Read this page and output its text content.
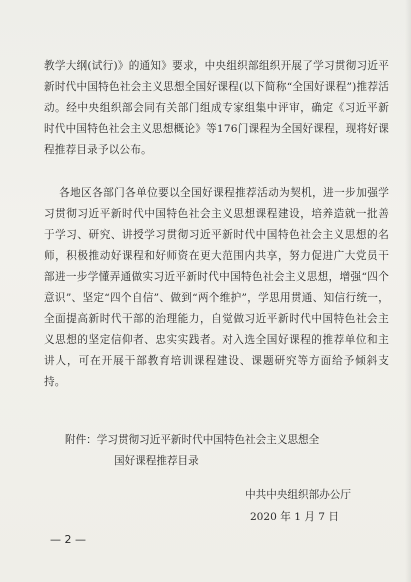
教学大纲(试行)》的通知》要求，中央组织部组织开展了学习贯彻习近平新时代中国特色社会主义思想全国好课程(以下简称“全国好课程”)推荐活动。经中央组织部会同有关部门组成专家组集中评审，确定《习近平新时代中国特色社会主义思想概论》等176门课程为全国好课程，现将好课程推荐目录予以公布。

各地区各部门各单位要以全国好课程推荐活动为契机，进一步加强学习贯彻习近平新时代中国特色社会主义思想课程建设，培养造就一批善于学习、研究、讲授学习贯彻习近平新时代中国特色社会主义思想的名师，积极推动好课程和好师资在更大范围内共享，努力促进广大党员干部进一步学懂弄通做实习近平新时代中国特色社会主义思想，增强“四个意识”、坚定“四个自信”、做到“两个维护”，学思用贯通、知信行统一，全面提高新时代干部的治理能力，自觉做习近平新时代中国特色社会主义思想的坚定信仰者、忠实实践者。对入选全国好课程的推荐单位和主讲人，可在开展干部教育培训课程建设、课题研究等方面给予倾斜支持。

附件：学习贯彻习近平新时代中国特色社会主义思想全
国好课程推荐目录

中共中央组织部办公厅

2020 年 1 月 7 日

— 2 —
